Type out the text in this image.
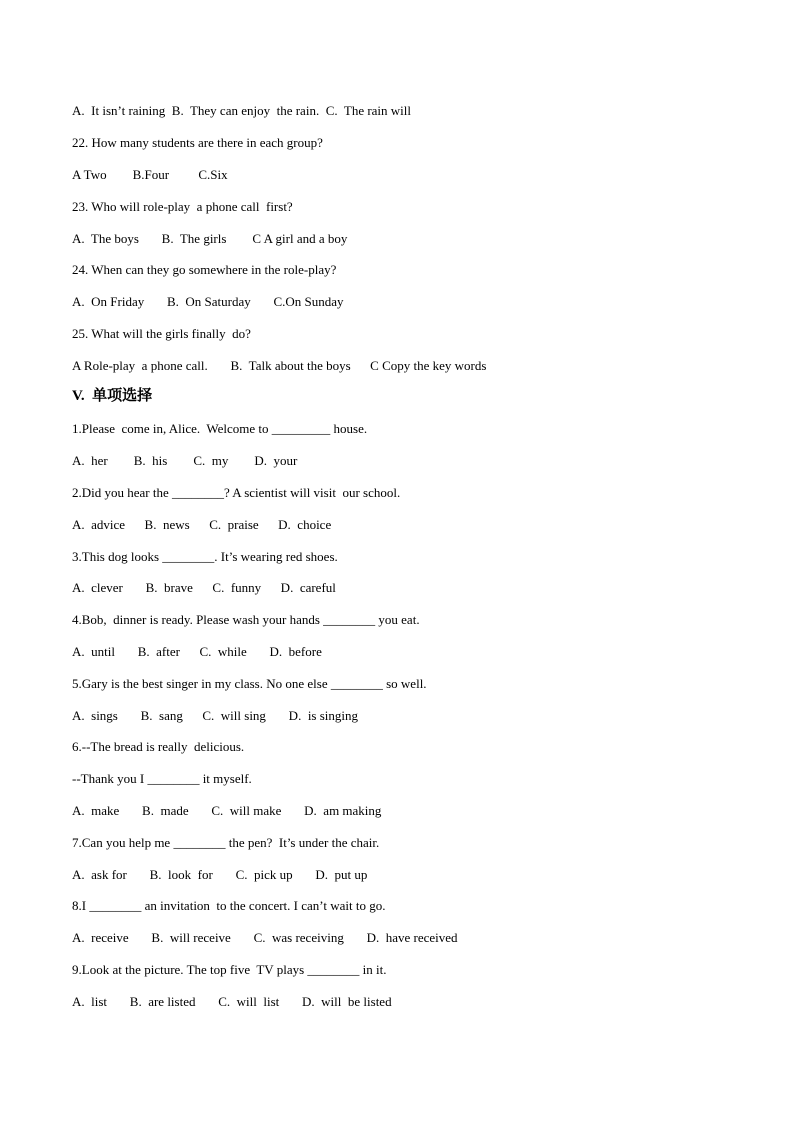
A.  It isn’t raining  B.  They can enjoy  the rain.  C.  The rain will
22. How many students are there in each group?
A Two        B.Four         C.Six
23. Who will role-play  a phone call  first?
A.  The boys       B.  The girls        C A girl and a boy
24. When can they go somewhere in the role-play?
A.  On Friday       B.  On Saturday       C.On Sunday
25. What will the girls finally  do?
A Role-play  a phone call.       B.  Talk about the boys      C Copy the key words
V.  单项选择
1.Please  come in, Alice.  Welcome to _________ house.
A.  her        B.  his        C.  my        D.  your
2.Did you hear the ________? A scientist will visit  our school.
A.  advice      B.  news      C.  praise      D.  choice
3.This dog looks ________. It’s wearing red shoes.
A.  clever       B.  brave      C.  funny      D.  careful
4.Bob,  dinner is ready. Please wash your hands ________ you eat.
A.  until       B.  after      C.  while       D.  before
5.Gary is the best singer in my class. No one else ________ so well.
A.  sings       B.  sang      C.  will sing       D.  is singing
6.--The bread is really  delicious.
--Thank you I ________ it myself.
A.  make       B.  made       C.  will make       D.  am making
7.Can you help me ________ the pen?  It’s under the chair.
A.  ask for       B.  look  for       C.  pick up       D.  put up
8.I ________ an invitation  to the concert. I can’t wait to go.
A.  receive       B.  will receive       C.  was receiving       D.  have received
9.Look at the picture. The top five  TV plays ________ in it.
A.  list       B.  are listed       C.  will  list       D.  will  be listed
